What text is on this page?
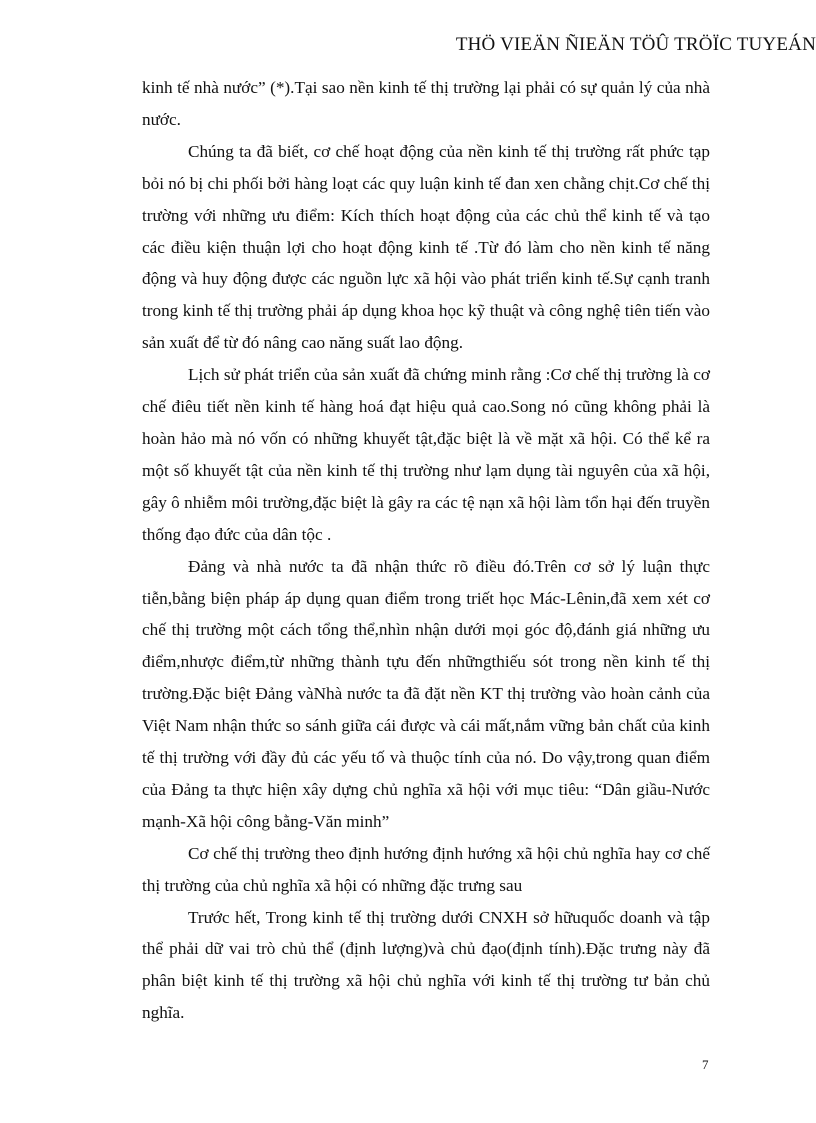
THÖ VIEÄN ÑIEÄN TÖÛ TRÖÏC TUYEÁN

kinh tế nhà nước” (*).Tại sao nền kinh tế thị trường lại phải có sự quản lý của nhà nước.

Chúng ta đã biết, cơ chế hoạt động của nền kinh tế thị trường rất phức tạp bỏi nó bị chi phối bởi hàng loạt các quy luận kinh tế đan xen chằng chịt.Cơ chế thị trường với những ưu điểm: Kích thích hoạt động của các chủ thể kinh tế và tạo các điều kiện thuận lợi cho hoạt động kinh tế .Từ đó làm cho nền kinh tế năng động và huy động được các nguồn lực xã hội vào phát triển kinh tế.Sự cạnh tranh trong kinh tế thị trường phải áp dụng khoa học kỹ thuật và công nghệ tiên tiến vào sản xuất để từ đó nâng cao năng suất lao động.

Lịch sử phát triển của sản xuất đã chứng minh rằng :Cơ chế thị trường là cơ chế điêu tiết nền kinh tế hàng hoá đạt hiệu quả cao.Song nó cũng không phải là hoàn hảo mà nó vốn có những khuyết tật,đặc biệt là về mặt xã hội. Có thể kể ra một số khuyết tật của nền kinh tế thị trường như lạm dụng tài nguyên của xã hội, gây ô nhiễm môi trường,đặc biệt là gây ra các tệ nạn xã hội làm tổn hại đến truyền thống đạo đức của dân tộc .

Đảng và nhà nước ta đã nhận thức rõ điều đó.Trên cơ sở lý luận thực tiễn,bằng biện pháp áp dụng quan điểm trong triết học Mác-Lênin,đã xem xét cơ chế thị trường một cách tổng thể,nhìn nhận dưới mọi góc độ,đánh giá những ưu điểm,nhược điểm,từ những thành tựu đến nhữngthiếu sót trong nền kinh tế thị trường.Đặc biệt Đảng vàNhà nước ta đã đặt nền KT thị trường vào hoàn cảnh của Việt Nam nhận thức so sánh giữa cái được và cái mất,nắm vững bản chất của kinh tế thị trường với đầy đủ các yếu tố và thuộc tính của nó. Do vậy,trong quan điểm của Đảng ta thực hiện xây dựng chủ nghĩa xã hội với mục tiêu: “Dân giầu-Nước mạnh-Xã hội công bằng-Văn minh”

Cơ chế thị trường theo định hướng định hướng xã hội chủ nghĩa hay cơ chế thị trường của chủ nghĩa xã hội có những đặc trưng sau

Trước hết, Trong kinh tế thị trường dưới CNXH sở hữuquốc doanh và tập thể phải dữ vai trò chủ thể (định lượng)và chủ đạo(định tính).Đặc trưng này đã phân biệt kinh tế thị trường xã hội chủ nghĩa với kinh tế thị trường tư bản chủ nghĩa.

7
